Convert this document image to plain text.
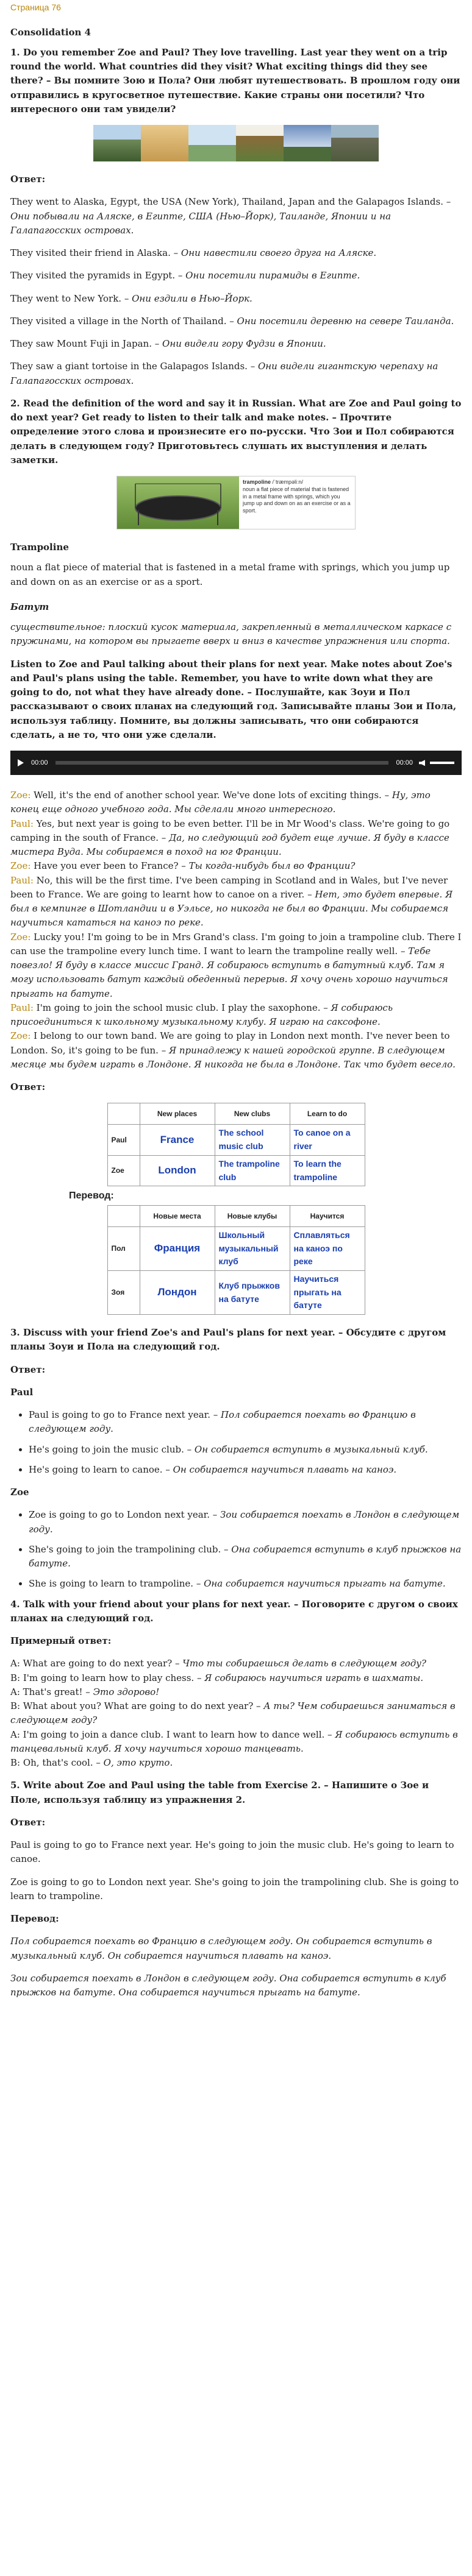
Страница 76
Consolidation 4

1. Do you remember Zoe and Paul? They love travelling. Last year they went on a trip round the world. What countries did they visit? What exciting things did they see there? – Вы помните Зою и Пола? Они любят путешествовать. В прошлом году они отправились в кругосветное путешествие. Какие страны они посетили? Что интересного они там увидели?

Ответ:

They went to Alaska, Egypt, the USA (New York), Thailand, Japan and the Galapagos Islands. – Они побывали на Аляске, в Египте, США (Нью–Йорк), Таиланде, Японии и на Галапагосских островах.

They visited their friend in Alaska. – Они навестили своего друга на Аляске.

They visited the pyramids in Egypt. – Они посетили пирамиды в Египте.

They went to New York. – Они ездили в Нью–Йорк.

They visited a village in the North of Thailand. – Они посетили деревню на севере Таиланда.

They saw Mount Fuji in Japan. – Они видели гору Фудзи в Японии.

They saw a giant tortoise in the Galapagos Islands. – Они видели гигантскую черепаху на Галапагосских островах.

2. Read the definition of the word and say it in Russian. What are Zoe and Paul going to do next year? Get ready to listen to their talk and make notes. – Прочтите определение этого слова и произнесите его по-русски. Что Зои и Пол собираются делать в следующем году? Приготовьтесь слушать их выступления и делать заметки.

trampoline /ˈtræmpəliːn/
noun a flat piece of material that is fastened in a metal frame with springs, which you jump up and down on as an exercise or as a sport.
Trampoline

noun a flat piece of material that is fastened in a metal frame with springs, which you jump up and down on as an exercise or as a sport.

Батут

существительное: плоский кусок материала, закрепленный в металлическом каркасе с пружинами, на котором вы прыгаете вверх и вниз в качестве упражнения или спорта.

Listen to Zoe and Paul talking about their plans for next year. Make notes about Zoe's and Paul's plans using the table. Remember, you have to write down what they are going to do, not what they have already done. – Послушайте, как Зоуи и Пол рассказывают о своих планах на следующий год. Записывайте планы Зои и Пола, используя таблицу. Помните, вы должны записывать, что они собираются сделать, а не то, что они уже сделали.

00:00	00:00

Zoe: Well, it's the end of another school year. We've done lots of exciting things. – Ну, это конец еще одного учебного года. Мы сделали много интересного.
Paul: Yes, but next year is going to be even better. I'll be in Mr Wood's class. We're going to go camping in the south of France. – Да, но следующий год будет еще лучше. Я буду в классе мистера Вуда. Мы собираемся в поход на юг Франции.
Zoe: Have you ever been to France? – Ты когда-нибудь был во Франции?
Paul: No, this will be the first time. I've been camping in Scotland and in Wales, but I've never been to France. We are going to learnt how to canoe on a river. – Нет, это будет впервые. Я был в кемпинге в Шотландии и в Уэльсе, но никогда не был во Франции. Мы собираемся научиться кататься на каноэ по реке.
Zoe: Lucky you! I'm going to be in Mrs Grand's class. I'm going to join a trampoline club. There I can use the trampoline every lunch time. I want to learn the trampoline really well. – Тебе повезло! Я буду в классе миссис Гранд. Я собираюсь вступить в батутный клуб. Там я могу использовать батут каждый обеденный перерыв. Я хочу очень хорошо научиться прыгать на батуте.
Paul: I'm going to join the school music club. I play the saxophone. – Я собираюсь присоединиться к школьному музыкальному клубу. Я играю на саксофоне.
Zoe: I belong to our town band. We are going to play in London next month. I've never been to London. So, it's going to be fun. – Я принадлежу к нашей городской группе. В следующем месяце мы будем играть в Лондоне. Я никогда не была в Лондоне. Так что будет весело.

Ответ:

	New places	New clubs	Learn to do
Paul	France	The school music club	To canoe on a river
Zoe	London	The trampoline club	To learn the trampoline
Перевод:
	Новые места	Новые клубы	Научится
Пол	Франция	Школьный музыкальный клуб	Сплавляться на каноэ по реке
Зоя	Лондон	Клуб прыжков на батуте	Научиться прыгать на батуте

3. Discuss with your friend Zoe's and Paul's plans for next year. – Обсудите с другом планы Зоуи и Пола на следующий год.

Ответ:

Paul

• Paul is going to go to France next year. – Пол собирается поехать во Францию в следующем году.
• He's going to join the music club. – Он собирается вступить в музыкальный клуб.
• He's going to learn to canoe. – Он собирается научиться плавать на каноэ.

Zoe

• Zoe is going to go to London next year. – Зои собирается поехать в Лондон в следующем году.
• She's going to join the trampolining club. – Она собирается вступить в клуб прыжков на батуте.
• She is going to learn to trampoline. – Она собирается научиться прыгать на батуте.

4. Talk with your friend about your plans for next year. – Поговорите с другом о своих планах на следующий год.

Примерный ответ:

A: What are going to do next year? – Что ты собираешься делать в следующем году?
B: I'm going to learn how to play chess. – Я собираюсь научиться играть в шахматы.
A: That's great! – Это здорово!
B: What about you? What are going to do next year? – А ты? Чем собираешься заниматься в следующем году?
A: I'm going to join a dance club. I want to learn how to dance well. – Я собираюсь вступить в танцевальный клуб. Я хочу научиться хорошо танцевать.
B: Oh, that's cool. – О, это круто.

5. Write about Zoe and Paul using the table from Exercise 2. – Напишите о Зое и Поле, используя таблицу из упражнения 2.

Ответ:

Paul is going to go to France next year. He's going to join the music club. He's going to learn to canoe.

Zoe is going to go to London next year. She's going to join the trampolining club. She is going to learn to trampoline.

Перевод:

Пол собирается поехать во Францию в следующем году. Он собирается вступить в музыкальный клуб. Он собирается научиться плавать на каноэ.

Зои собирается поехать в Лондон в следующем году. Она собирается вступить в клуб прыжков на батуте. Она собирается научиться прыгать на батуте.
